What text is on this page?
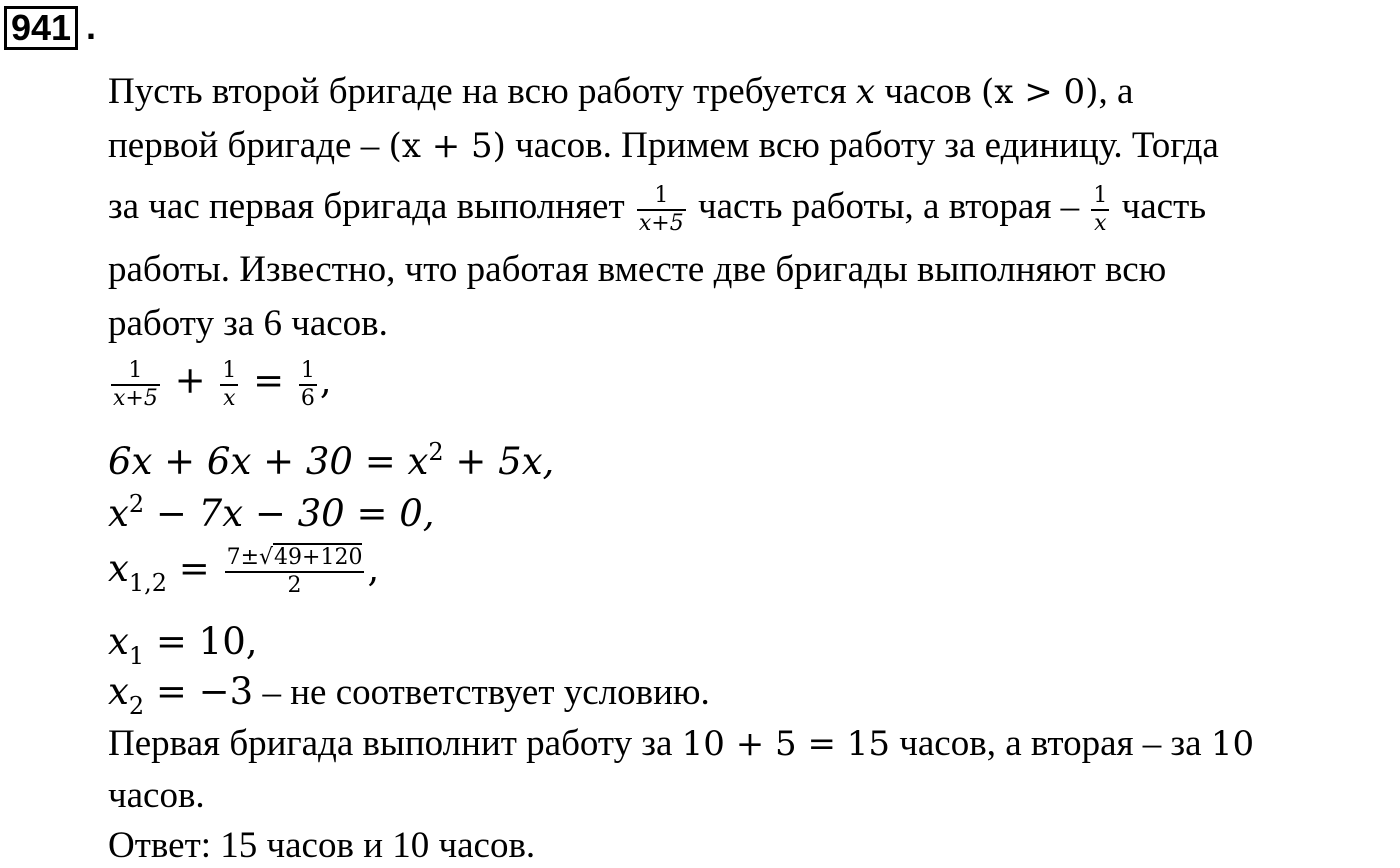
941 .
Пусть второй бригаде на всю работу требуется x часов (x > 0), а
первой бригаде – (x + 5) часов. Примем всю работу за единицу. Тогда
за час первая бригада выполняет $\frac{1}{x+5}$ часть работы, а вторая – $\frac{1}{x}$ часть
работы. Известно, что работая вместе две бригады выполняют всю
работу за 6 часов.
$\frac{1}{x+5} + \frac{1}{x} = \frac{1}{6}$ ,
$6x + 6x + 30 = x^2 + 5x$,
$x^2 - 7x - 30 = 0$,
$x_{1,2} = \frac{7\pm√49+120}{2}$ ,
$x_1 = 10$,
$x_2 = -3$ – не соответствует условию.
Первая бригада выполнит работу за 10 + 5 = 15 часов, а вторая – за 10
часов.
Ответ: 15 часов и 10 часов.
